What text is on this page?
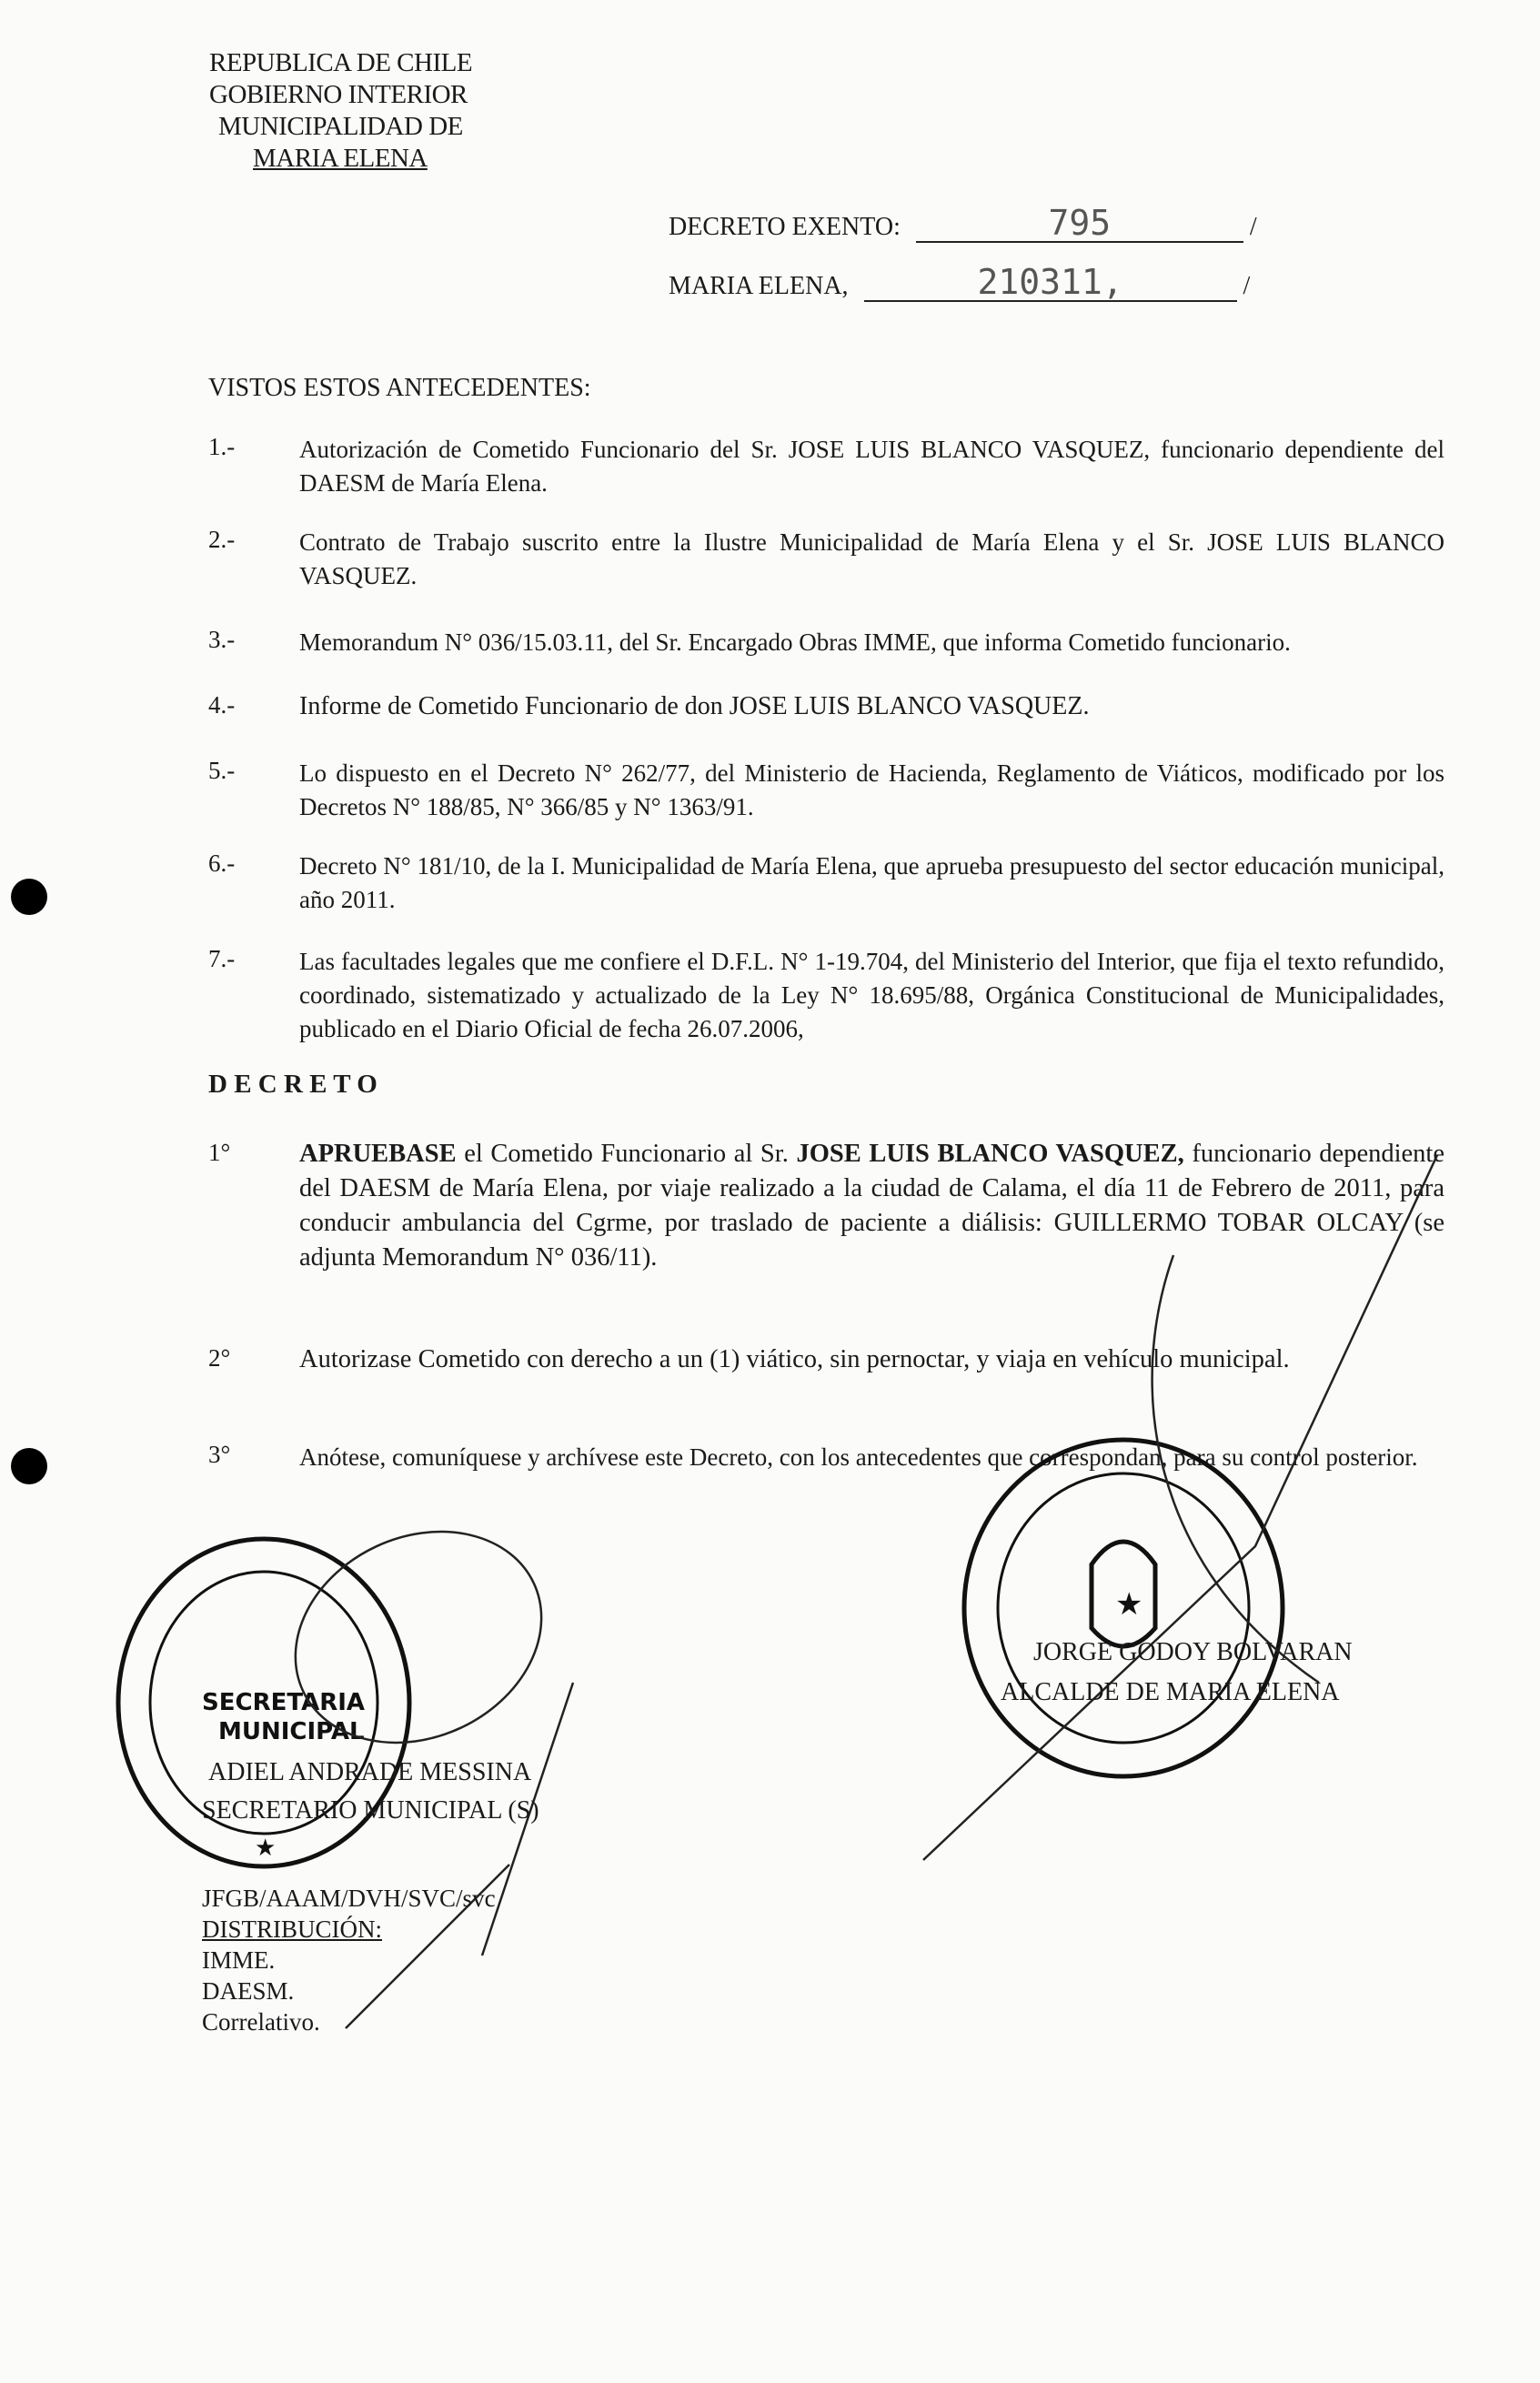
REPUBLICA DE CHILE
GOBIERNO INTERIOR
MUNICIPALIDAD DE
MARIA ELENA
DECRETO EXENTO:	795	/
MARIA ELENA,	210311,	/
VISTOS ESTOS ANTECEDENTES:
1.-	Autorización de Cometido Funcionario del Sr. JOSE LUIS BLANCO VASQUEZ, funcionario dependiente del DAESM de María Elena.
2.-	Contrato de Trabajo suscrito entre la Ilustre Municipalidad de María Elena y el Sr. JOSE LUIS BLANCO VASQUEZ.
3.-	Memorandum N° 036/15.03.11, del Sr. Encargado Obras IMME, que informa Cometido funcionario.
4.-	Informe de Cometido Funcionario de don JOSE LUIS BLANCO VASQUEZ.
5.-	Lo dispuesto en el Decreto N° 262/77, del Ministerio de Hacienda, Reglamento de Viáticos, modificado por los Decretos N° 188/85, N° 366/85 y N° 1363/91.
6.-	Decreto N° 181/10, de la I. Municipalidad de María Elena, que aprueba presupuesto del sector educación municipal, año 2011.
7.-	Las facultades legales que me confiere el D.F.L. N° 1-19.704, del Ministerio del Interior, que fija el texto refundido, coordinado, sistematizado y actualizado de la Ley N° 18.695/88, Orgánica Constitucional de Municipalidades, publicado en el Diario Oficial de fecha 26.07.2006,
D E C R E T O
1°	APRUEBASE el Cometido Funcionario al Sr. JOSE LUIS BLANCO VASQUEZ, funcionario dependiente del DAESM de María Elena, por viaje realizado a la ciudad de Calama, el día 11 de Febrero de 2011, para conducir ambulancia del Cgrme, por traslado de paciente a diálisis: GUILLERMO TOBAR OLCAY (se adjunta Memorandum N° 036/11).
2°	Autorizase Cometido con derecho a un (1) viático, sin pernoctar, y viaja en vehículo municipal.
3°	Anótese, comuníquese y archívese este Decreto, con los antecedentes que correspondan, para su control posterior.
★
SECRETARIA
MUNICIPAL
★
JORGE GODOY BOLVARAN
ALCALDE DE MARIA ELENA
ADIEL ANDRADE MESSINA
SECRETARIO MUNICIPAL (S)
JFGB/AAAM/DVH/SVC/svc
DISTRIBUCIÓN:
IMME.
DAESM.
Correlativo.
